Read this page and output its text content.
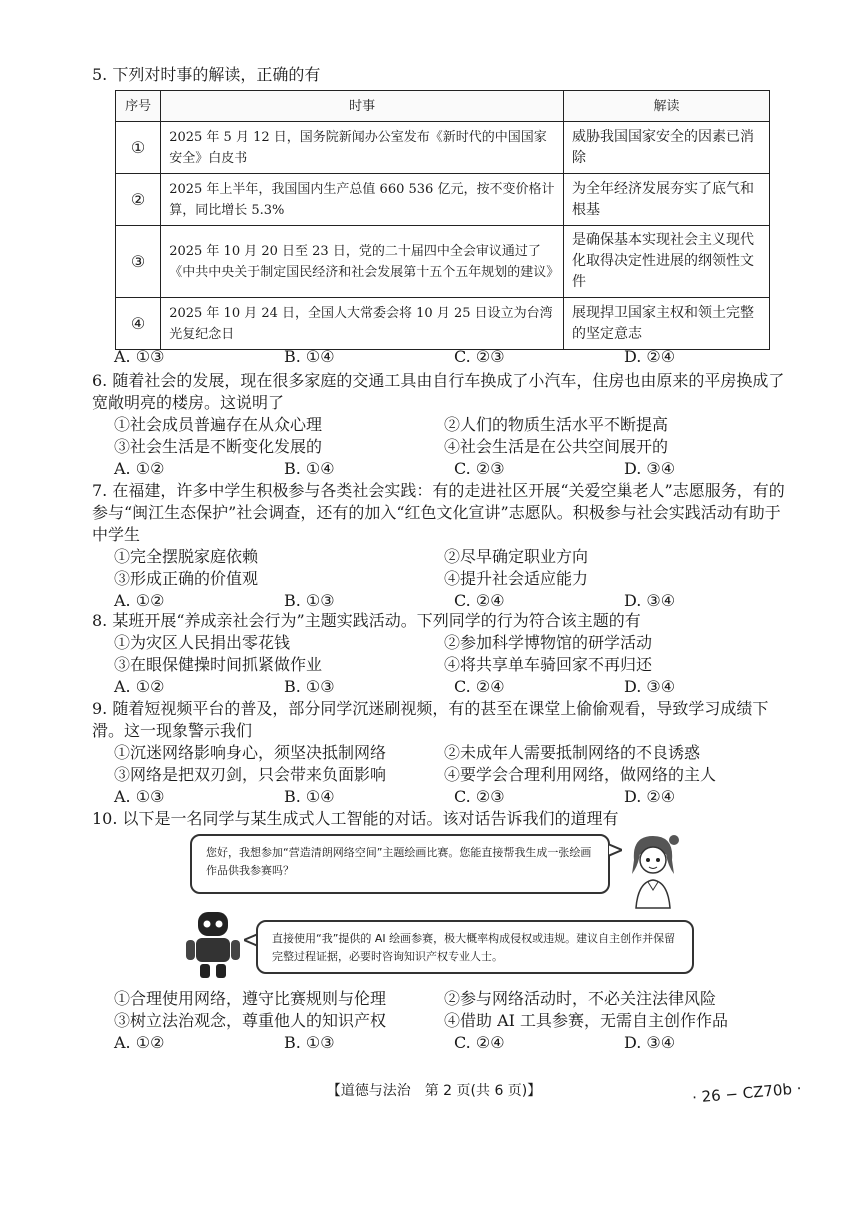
5. 下列对时事的解读，正确的有

序号	时事	解读
①	2025 年 5 月 12 日，国务院新闻办公室发布《新时代的中国国家安全》白皮书	威胁我国国家安全的因素已消除
②	2025 年上半年，我国国内生产总值 660 536 亿元，按不变价格计算，同比增长 5.3%	为全年经济发展夯实了底气和根基
③	2025 年 10 月 20 日至 23 日，党的二十届四中全会审议通过了《中共中央关于制定国民经济和社会发展第十五个五年规划的建议》	是确保基本实现社会主义现代化取得决定性进展的纲领性文件
④	2025 年 10 月 24 日，全国人大常委会将 10 月 25 日设立为台湾光复纪念日	展现捍卫国家主权和领土完整的坚定意志
A. ①③	B. ①④	C. ②③	D. ②④

6. 随着社会的发展，现在很多家庭的交通工具由自行车换成了小汽车，住房也由原来的平房换成了宽敞明亮的楼房。这说明了

①社会成员普遍存在从众心理	②人们的物质生活水平不断提高
③社会生活是不断变化发展的	④社会生活是在公共空间展开的
A. ①②	B. ①④	C. ②③	D. ③④

7. 在福建，许多中学生积极参与各类社会实践：有的走进社区开展“关爱空巢老人”志愿服务，有的参与“闽江生态保护”社会调查，还有的加入“红色文化宣讲”志愿队。积极参与社会实践活动有助于中学生

①完全摆脱家庭依赖	②尽早确定职业方向
③形成正确的价值观	④提升社会适应能力
A. ①②	B. ①③	C. ②④	D. ③④

8. 某班开展“养成亲社会行为”主题实践活动。下列同学的行为符合该主题的有

①为灾区人民捐出零花钱	②参加科学博物馆的研学活动
③在眼保健操时间抓紧做作业	④将共享单车骑回家不再归还
A. ①②	B. ①③	C. ②④	D. ③④

9. 随着短视频平台的普及，部分同学沉迷刷视频，有的甚至在课堂上偷偷观看，导致学习成绩下滑。这一现象警示我们

①沉迷网络影响身心，须坚决抵制网络	②未成年人需要抵制网络的不良诱惑
③网络是把双刃剑，只会带来负面影响	④要学会合理利用网络，做网络的主人
A. ①③	B. ①④	C. ②③	D. ②④

10. 以下是一名同学与某生成式人工智能的对话。该对话告诉我们的道理有

您好，我想参加“营造清朗网络空间”主题绘画比赛。您能直接帮我生成一张绘画作品供我参赛吗？
直接使用“我”提供的 AI 绘画参赛，极大概率构成侵权或违规。建议自主创作并保留完整过程证据，必要时咨询知识产权专业人士。
①合理使用网络，遵守比赛规则与伦理	②参与网络活动时，不必关注法律风险
③树立法治观念，尊重他人的知识产权	④借助 AI 工具参赛，无需自主创作作品
A. ①②	B. ①③	C. ②④	D. ③④
【道德与法治　第 2 页(共 6 页)】	· 26 − CZ70b ·
